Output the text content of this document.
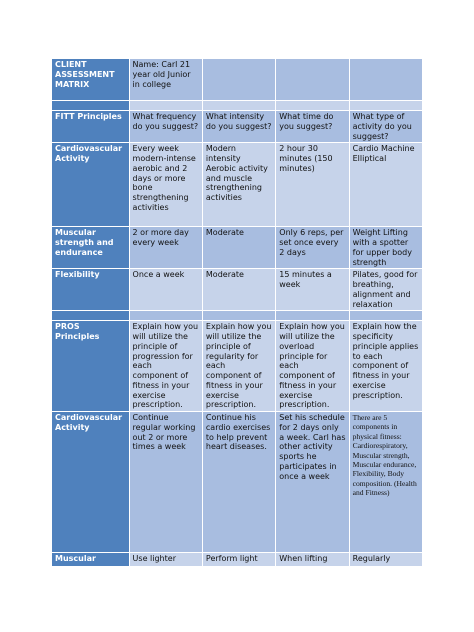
CLIENT ASSESSMENT MATRIX	Name: Carl 21 year old Junior in college			

FITT Principles	What frequency do you suggest?	What intensity do you suggest?	What time do you suggest?	What type of activity do you suggest?
Cardiovascular Activity	Every week modern-intense aerobic and 2 days or more bone strengthening activities	Modern intensity Aerobic activity and muscle strengthening activities	2 hour 30 minutes (150 minutes)	Cardio Machine Elliptical
Muscular strength and endurance	2 or more day every week	Moderate	Only 6 reps, per set once every 2 days	Weight Lifting with a spotter for upper body strength
Flexibility	Once a week	Moderate	15 minutes a week	Pilates, good for breathing, alignment and relaxation

PROS Principles	Explain how you will utilize the principle of progression for each component of fitness in your exercise prescription.	Explain how you will utilize the principle of regularity for each component of fitness in your exercise prescription.	Explain how you will utilize the overload principle for each component of fitness in your exercise prescription.	Explain how the specificity principle applies to each component of fitness in your exercise prescription.
Cardiovascular Activity	Continue regular working out 2 or more times a week	Continue his cardio exercises to help prevent heart diseases.	Set his schedule for 2 days only a week. Carl has other activity sports he participates in once a week	There are 5 components in physical fitness: Cardiorespiratory, Muscular strength, Muscular endurance, Flexibility, Body composition. (Health and Fitness)
Muscular	Use lighter	Perform light	When lifting	Regularly
